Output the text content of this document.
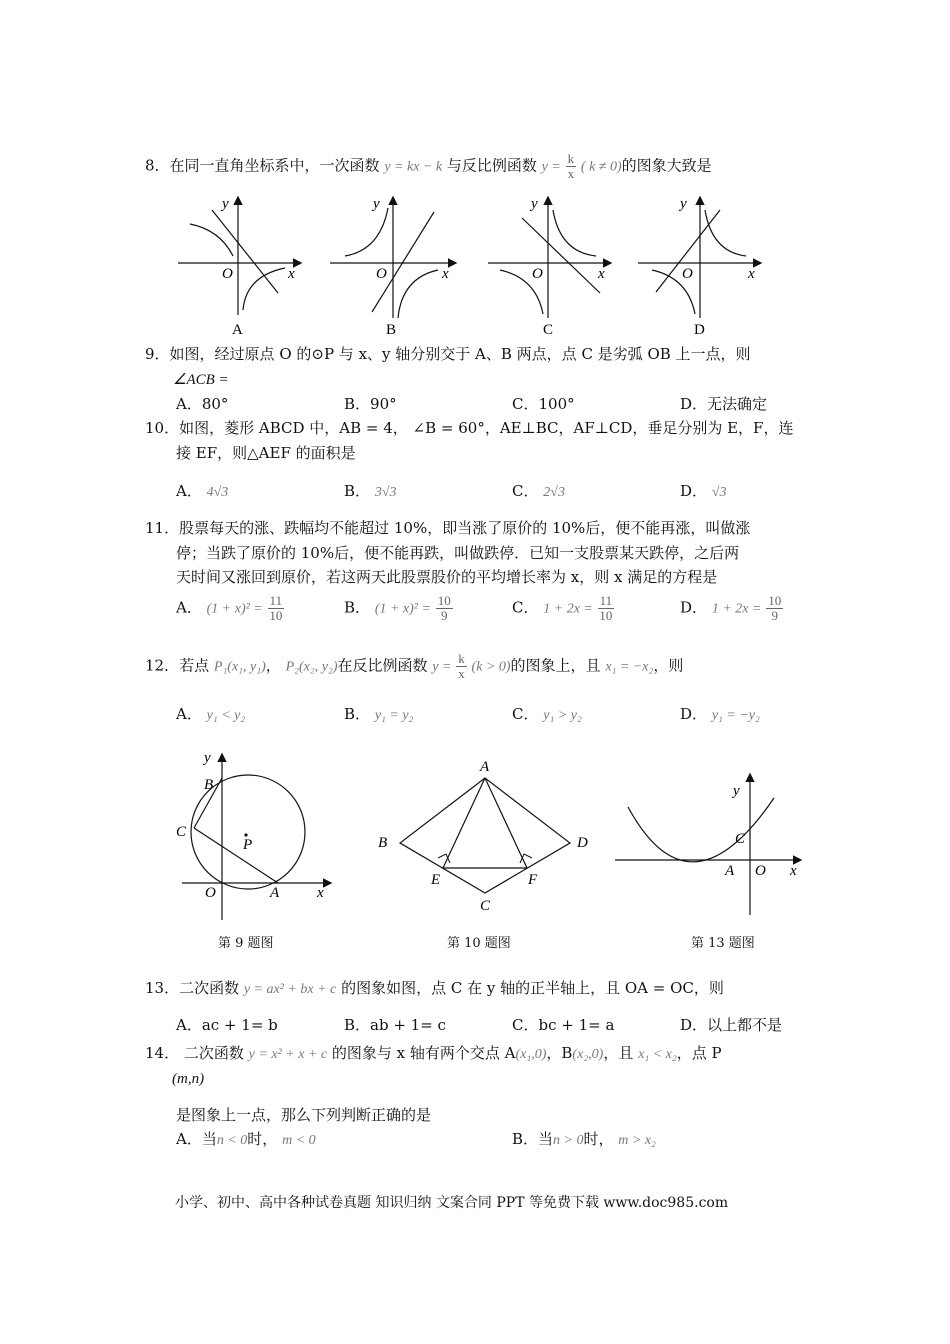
8．在同一直角坐标系中，一次函数 y = kx − k 与反比例函数 $y = \frac{k}{x}$ ( k ≠ 0)的图象大致是
O	x
y
A
O	x
y
B
O	x
y
C
O	x
y
D
9．如图，经过原点 O 的⊙P 与 x、y 轴分别交于 A、B 两点，点 C 是劣弧 OB 上一点，则
∠ACB =
A．80°	B．90°	C．100°	D．无法确定
10．如图，菱形 ABCD 中，AB = 4， ∠B = 60°，AE⊥BC，AF⊥CD，垂足分别为 E，F，连
接 EF，则△AEF 的面积是
A． 4√3	B． 3√3	C． 2√3	D． √3
11．股票每天的涨、跌幅均不能超过 10%，即当涨了原价的 10%后，便不能再涨，叫做涨
停；当跌了原价的 10%后，便不能再跌，叫做跌停．已知一支股票某天跌停，之后两
天时间又涨回到原价，若这两天此股票股价的平均增长率为 x，则 x 满足的方程是
A． $(1 + x)^2 = \frac{11}{10}$	B． $(1 + x)^2 = \frac{10}{9}$	C． $1 + 2x = \frac{11}{10}$	D． $1 + 2x = \frac{10}{9}$
12．若点 P₁(x₁, y₁)， P₂(x₂, y₂)在反比例函数 $y = \frac{k}{x} (k > 0)$的图象上，且 x₁ = −x₂，则
A． y₁ < y₂	B． y₁ = y₂	C． y₁ > y₂	D． y₁ = −y₂
y
B
C
P
O	A	x
A
B	D
E	F
C
y
C
A O x
第 9 题图	第 10 题图	第 13 题图
13．二次函数 y = ax² + bx + c 的图象如图，点 C 在 y 轴的正半轴上，且 OA = OC，则
A．ac + 1= b	B．ab + 1= c	C．bc + 1= a	D．以上都不是
14． 二次函数 y = x² + x + c 的图象与 x 轴有两个交点 A(x₁,0)，B(x₂,0)，且 x₁ < x₂，点 P
(m,n)
是图象上一点，那么下列判断正确的是
A．当n < 0时， m < 0	B．当n > 0时， m > x₂
小学、初中、高中各种试卷真题 知识归纳 文案合同 PPT 等免费下载 www.doc985.com
